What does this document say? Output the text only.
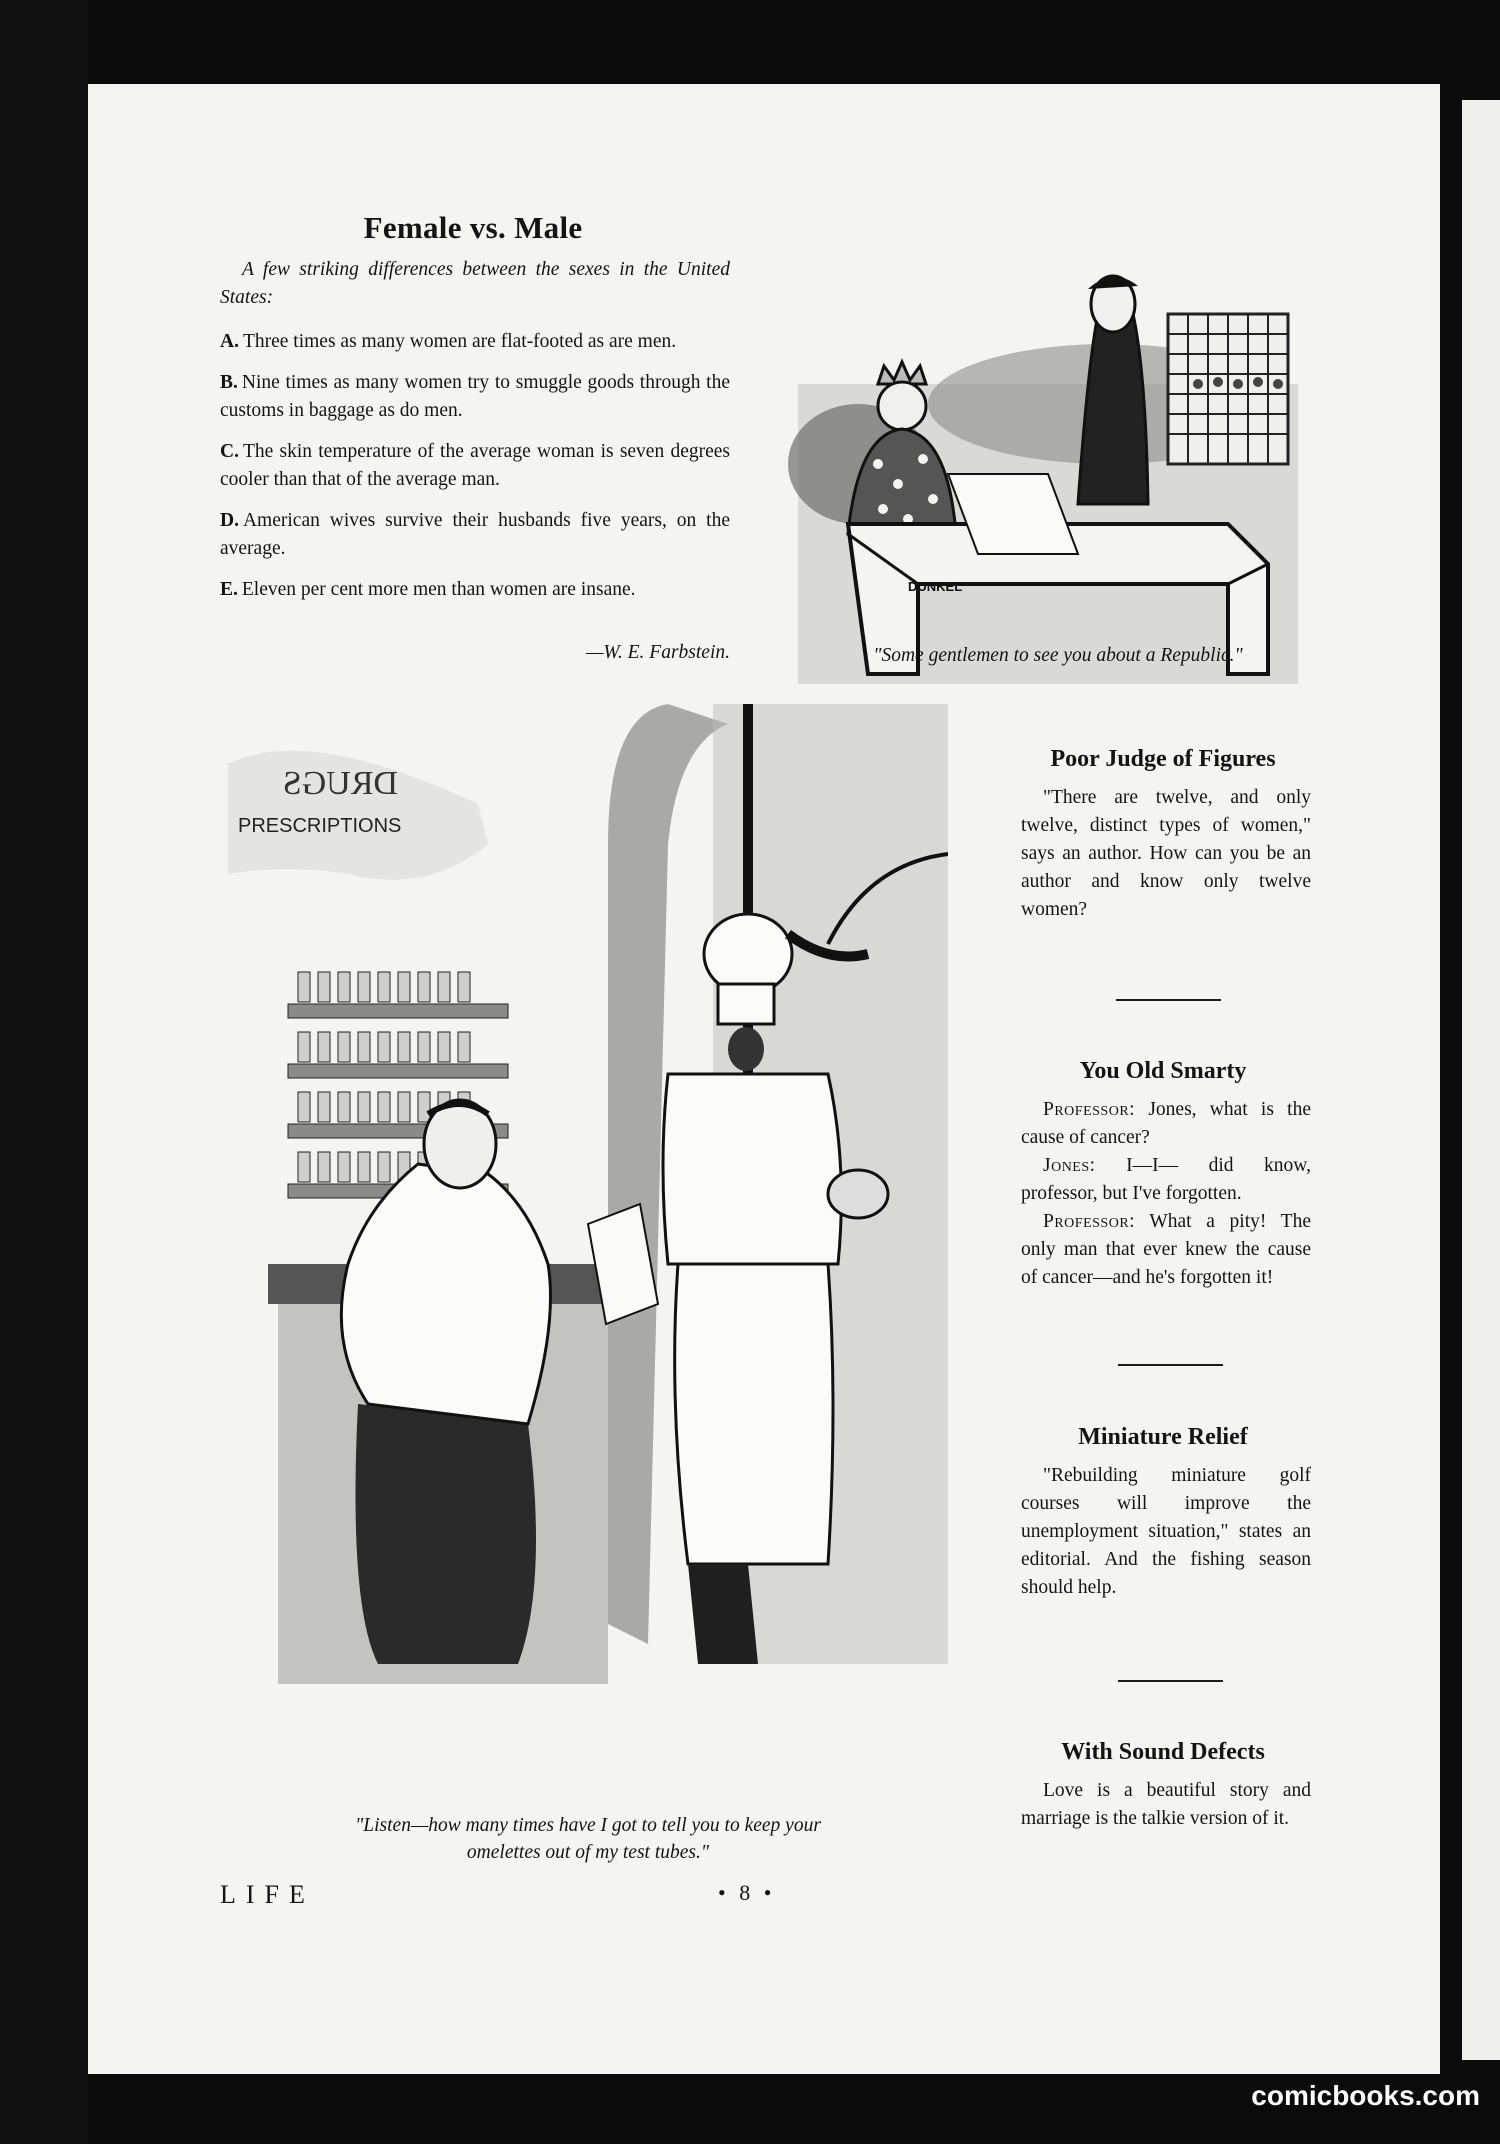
Female vs. Male
A few striking differences between the sexes in the United States:

A. Three times as many women are flat-footed as are men.

B. Nine times as many women try to smuggle goods through the customs in baggage as do men.

C. The skin temperature of the average woman is seven degrees cooler than that of the average man.

D. American wives survive their husbands five years, on the average.

E. Eleven per cent more men than women are insane.

—W. E. Farbstein.
DUNKEL
"Some gentlemen to see you about a Republic."
DRUGS
PRESCRIPTIONS
"Listen—how many times have I got to tell you to keep your omelettes out of my test tubes."
Poor Judge of Figures

"There are twelve, and only twelve, distinct types of women," says an author. How can you be an author and know only twelve women?

You Old Smarty

Professor: Jones, what is the cause of cancer?

Jones: I—I— did know, professor, but I've forgotten.

Professor: What a pity! The only man that ever knew the cause of cancer—and he's forgotten it!

Miniature Relief

"Rebuilding miniature golf courses will improve the unemployment situation," states an editorial. And the fishing season should help.

With Sound Defects

Love is a beautiful story and marriage is the talkie version of it.

LIFE	• 8 •
comicbooks.com
